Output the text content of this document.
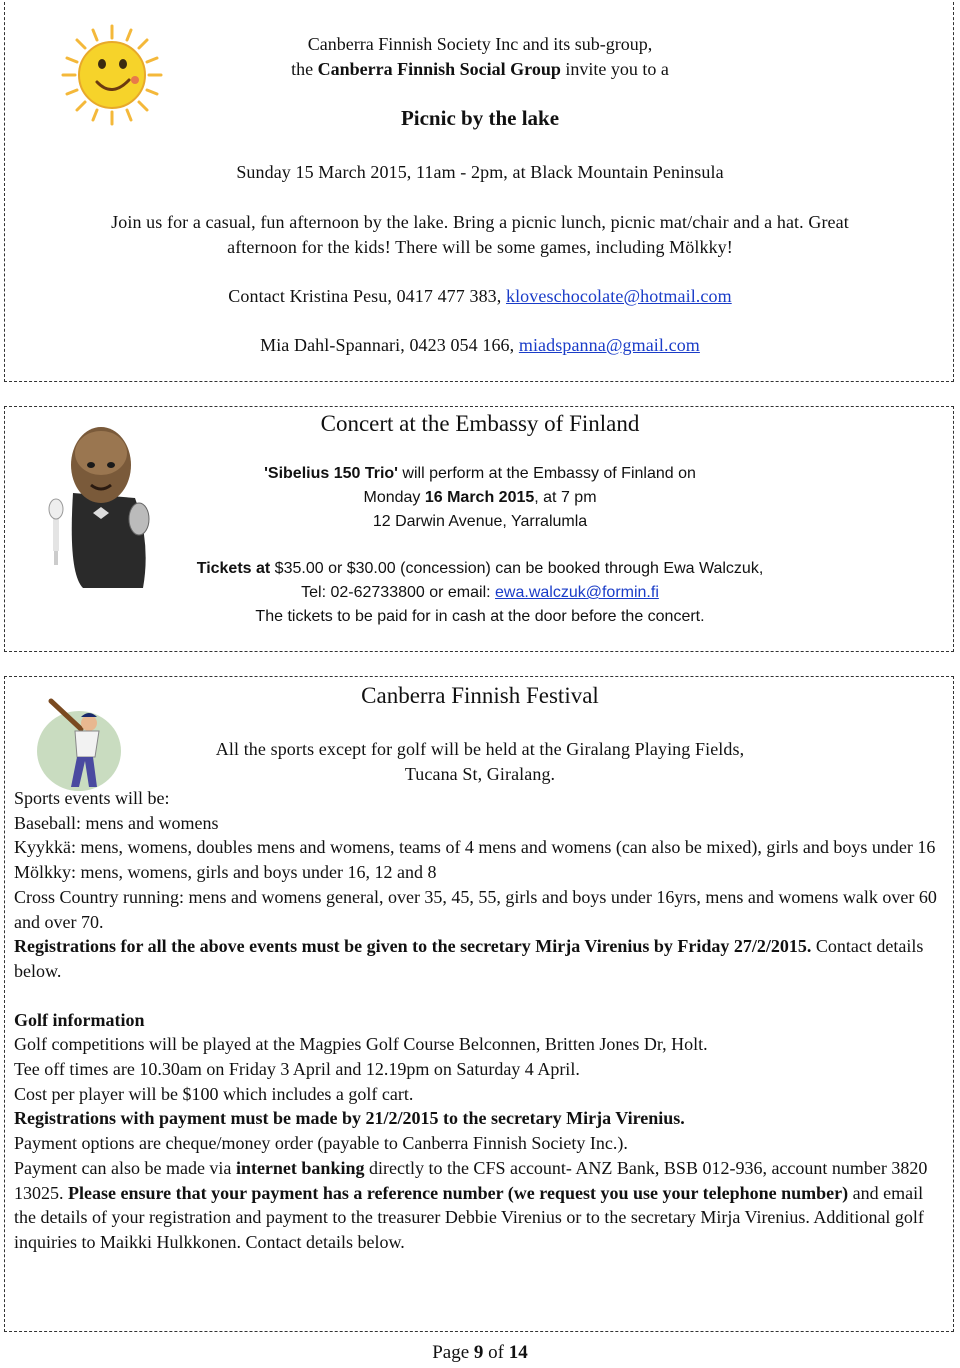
Canberra Finnish Society Inc and its sub-group,
the Canberra Finnish Social Group invite you to a
Picnic by the lake
Sunday 15 March 2015, 11am - 2pm, at Black Mountain Peninsula
Join us for a casual, fun afternoon by the lake. Bring a picnic lunch, picnic mat/chair and a hat. Great
afternoon for the kids! There will be some games, including Mölkky!
Contact Kristina Pesu, 0417 477 383, kloveschocolate@hotmail.com
Mia Dahl-Spannari, 0423 054 166, miadspanna@gmail.com
Concert at the Embassy of Finland
'Sibelius 150 Trio' will perform at the Embassy of Finland on
Monday 16 March 2015, at 7 pm
12 Darwin Avenue, Yarralumla
Tickets at $35.00 or $30.00 (concession) can be booked through Ewa Walczuk,
Tel: 02-62733800 or email: ewa.walczuk@formin.fi
The tickets to be paid for in cash at the door before the concert.
Canberra Finnish Festival
All the sports except for golf will be held at the Giralang Playing Fields,
Tucana St, Giralang.

Sports events will be:

Baseball: mens and womens

Kyykkä: mens, womens, doubles mens and womens, teams of 4 mens and womens (can also be mixed), girls and boys under 16

Mölkky: mens, womens, girls and boys under 16, 12 and 8

Cross Country running: mens and womens general, over 35, 45, 55, girls and boys under 16yrs, mens and womens walk over 60 and over 70.

Registrations for all the above events must be given to the secretary Mirja Virenius by Friday 27/2/2015. Contact details below.

Golf information

Golf competitions will be played at the Magpies Golf Course Belconnen, Britten Jones Dr, Holt.

Tee off times are 10.30am on Friday 3 April and 12.19pm on Saturday 4 April.

Cost per player will be $100 which includes a golf cart.

Registrations with payment must be made by 21/2/2015 to the secretary Mirja Virenius.

Payment options are cheque/money order (payable to Canberra Finnish Society Inc.).

Payment can also be made via internet banking directly to the CFS account- ANZ Bank, BSB 012-936, account number 3820 13025. Please ensure that your payment has a reference number (we request you use your telephone number) and email the details of your registration and payment to the treasurer Debbie Virenius or to the secretary Mirja Virenius. Additional golf inquiries to Maikki Hulkkonen. Contact details below.

Page 9 of 14
